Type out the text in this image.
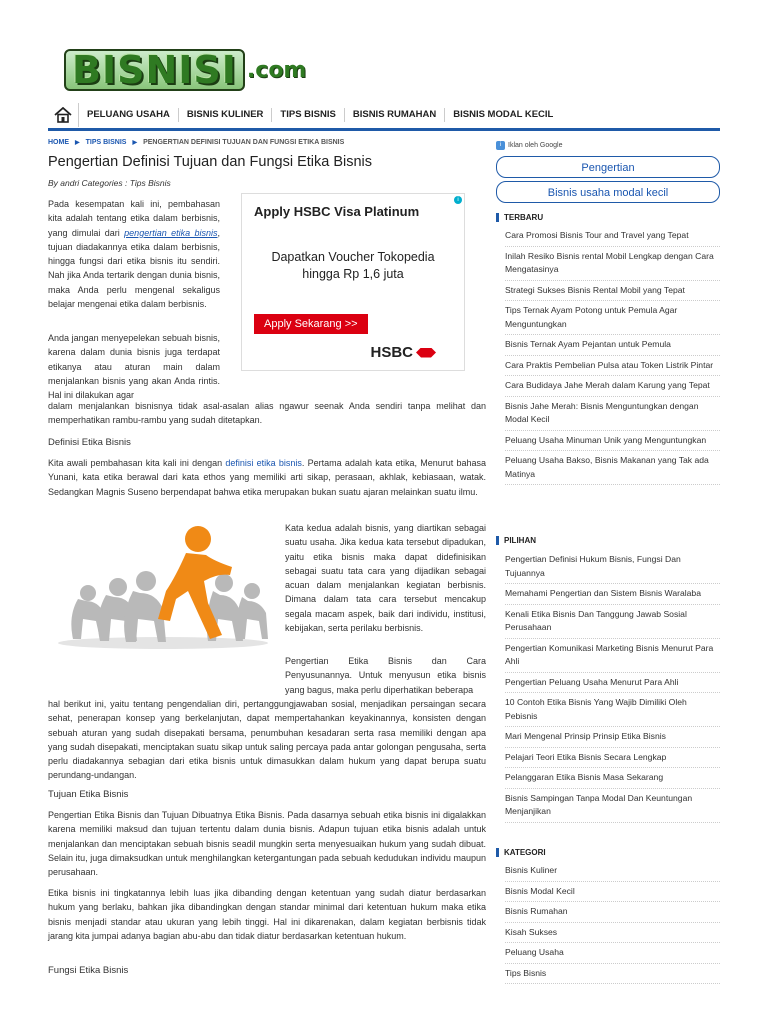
BISNISI .com
PELUANG USAHA	BISNIS KULINER	TIPS BISNIS	BISNIS RUMAHAN	BISNIS MODAL KECIL
HOME ▶ TIPS BISNIS ▶ PENGERTIAN DEFINISI TUJUAN DAN FUNGSI ETIKA BISNIS
Pengertian Definisi Tujuan dan Fungsi Etika Bisnis
By andri Categories : Tips Bisnis

Pada kesempatan kali ini, pembahasan kita adalah tentang etika dalam berbisnis, yang dimulai dari pengertian etika bisnis, tujuan diadakannya etika dalam berbisnis, hingga fungsi dari etika bisnis itu sendiri. Nah jika Anda tertarik dengan dunia bisnis, maka Anda perlu mengenal sekaligus belajar mengenai etika dalam berbisnis.

Anda jangan menyepelekan sebuah bisnis, karena dalam dunia bisnis juga terdapat etikanya atau aturan main dalam menjalankan bisnis yang akan Anda rintis. Hal ini dilakukan agar

i
Apply HSBC Visa Platinum
Dapatkan Voucher Tokopedia
hingga Rp 1,6 juta
Apply Sekarang >>
HSBC

dalam menjalankan bisnisnya tidak asal-asalan alias ngawur seenak Anda sendiri tanpa melihat dan memperhatikan rambu-rambu yang sudah ditetapkan.

Definisi Etika Bisnis

Kita awali pembahasan kita kali ini dengan definisi etika bisnis. Pertama adalah kata etika, Menurut bahasa Yunani, kata etika berawal dari kata ethos yang memiliki arti sikap, perasaan, akhlak, kebiasaan, watak. Sedangkan Magnis Suseno berpendapat bahwa etika merupakan bukan suatu ajaran melainkan suatu ilmu.

Kata kedua adalah bisnis, yang diartikan sebagai suatu usaha. Jika kedua kata tersebut dipadukan, yaitu etika bisnis maka dapat didefinisikan sebagai suatu tata cara yang dijadikan sebagai acuan dalam menjalankan kegiatan berbisnis. Dimana dalam tata cara tersebut mencakup segala macam aspek, baik dari individu, institusi, kebijakan, serta perilaku berbisnis.

Pengertian Etika Bisnis dan Cara Penyusunannya. Untuk menyusun etika bisnis yang bagus, maka perlu diperhatikan beberapa

hal berikut ini, yaitu tentang pengendalian diri, pertanggungjawaban sosial, menjadikan persaingan secara sehat, penerapan konsep yang berkelanjutan, dapat mempertahankan keyakinannya, konsisten dengan sebuah aturan yang sudah disepakati bersama, penumbuhan kesadaran serta rasa memiliki dengan apa yang sudah disepakati, menciptakan suatu sikap untuk saling percaya pada antar golongan pengusaha, serta perlu diadakannya sebagian dari etika bisnis untuk dimasukkan dalam hukum yang dapat berupa suatu perundang-undangan.

Tujuan Etika Bisnis

Pengertian Etika Bisnis dan Tujuan Dibuatnya Etika Bisnis. Pada dasarnya sebuah etika bisnis ini digalakkan karena memiliki maksud dan tujuan tertentu dalam dunia bisnis. Adapun tujuan etika bisnis adalah untuk menjalankan dan menciptakan sebuah bisnis seadil mungkin serta menyesuaikan hukum yang sudah dibuat. Selain itu, juga dimaksudkan untuk menghilangkan ketergantungan pada sebuah kedudukan individu maupun perusahaan.

Etika bisnis ini tingkatannya lebih luas jika dibanding dengan ketentuan yang sudah diatur berdasarkan hukum yang berlaku, bahkan jika dibandingkan dengan standar minimal dari ketentuan hukum maka etika bisnis menjadi standar atau ukuran yang lebih tinggi. Hal ini dikarenakan, dalam kegiatan berbisnis tidak jarang kita jumpai adanya bagian abu-abu dan tidak diatur berdasarkan ketentuan hukum.

Fungsi Etika Bisnis
i Iklan oleh Google
Pengertian
Bisnis usaha modal kecil
TERBARU
Cara Promosi Bisnis Tour and Travel yang Tepat
Inilah Resiko Bisnis rental Mobil Lengkap dengan Cara Mengatasinya
Strategi Sukses Bisnis Rental Mobil yang Tepat
Tips Ternak Ayam Potong untuk Pemula Agar Menguntungkan
Bisnis Ternak Ayam Pejantan untuk Pemula
Cara Praktis Pembelian Pulsa atau Token Listrik Pintar
Cara Budidaya Jahe Merah dalam Karung yang Tepat
Bisnis Jahe Merah: Bisnis Menguntungkan dengan Modal Kecil
Peluang Usaha Minuman Unik yang Menguntungkan
Peluang Usaha Bakso, Bisnis Makanan yang Tak ada Matinya
PILIHAN
Pengertian Definisi Hukum Bisnis, Fungsi Dan Tujuannya
Memahami Pengertian dan Sistem Bisnis Waralaba
Kenali Etika Bisnis Dan Tanggung Jawab Sosial Perusahaan
Pengertian Komunikasi Marketing Bisnis Menurut Para Ahli
Pengertian Peluang Usaha Menurut Para Ahli
10 Contoh Etika Bisnis Yang Wajib Dimiliki Oleh Pebisnis
Mari Mengenal Prinsip Prinsip Etika Bisnis
Pelajari Teori Etika Bisnis Secara Lengkap
Pelanggaran Etika Bisnis Masa Sekarang
Bisnis Sampingan Tanpa Modal Dan Keuntungan Menjanjikan
KATEGORI
Bisnis Kuliner
Bisnis Modal Kecil
Bisnis Rumahan
Kisah Sukses
Peluang Usaha
Tips Bisnis
